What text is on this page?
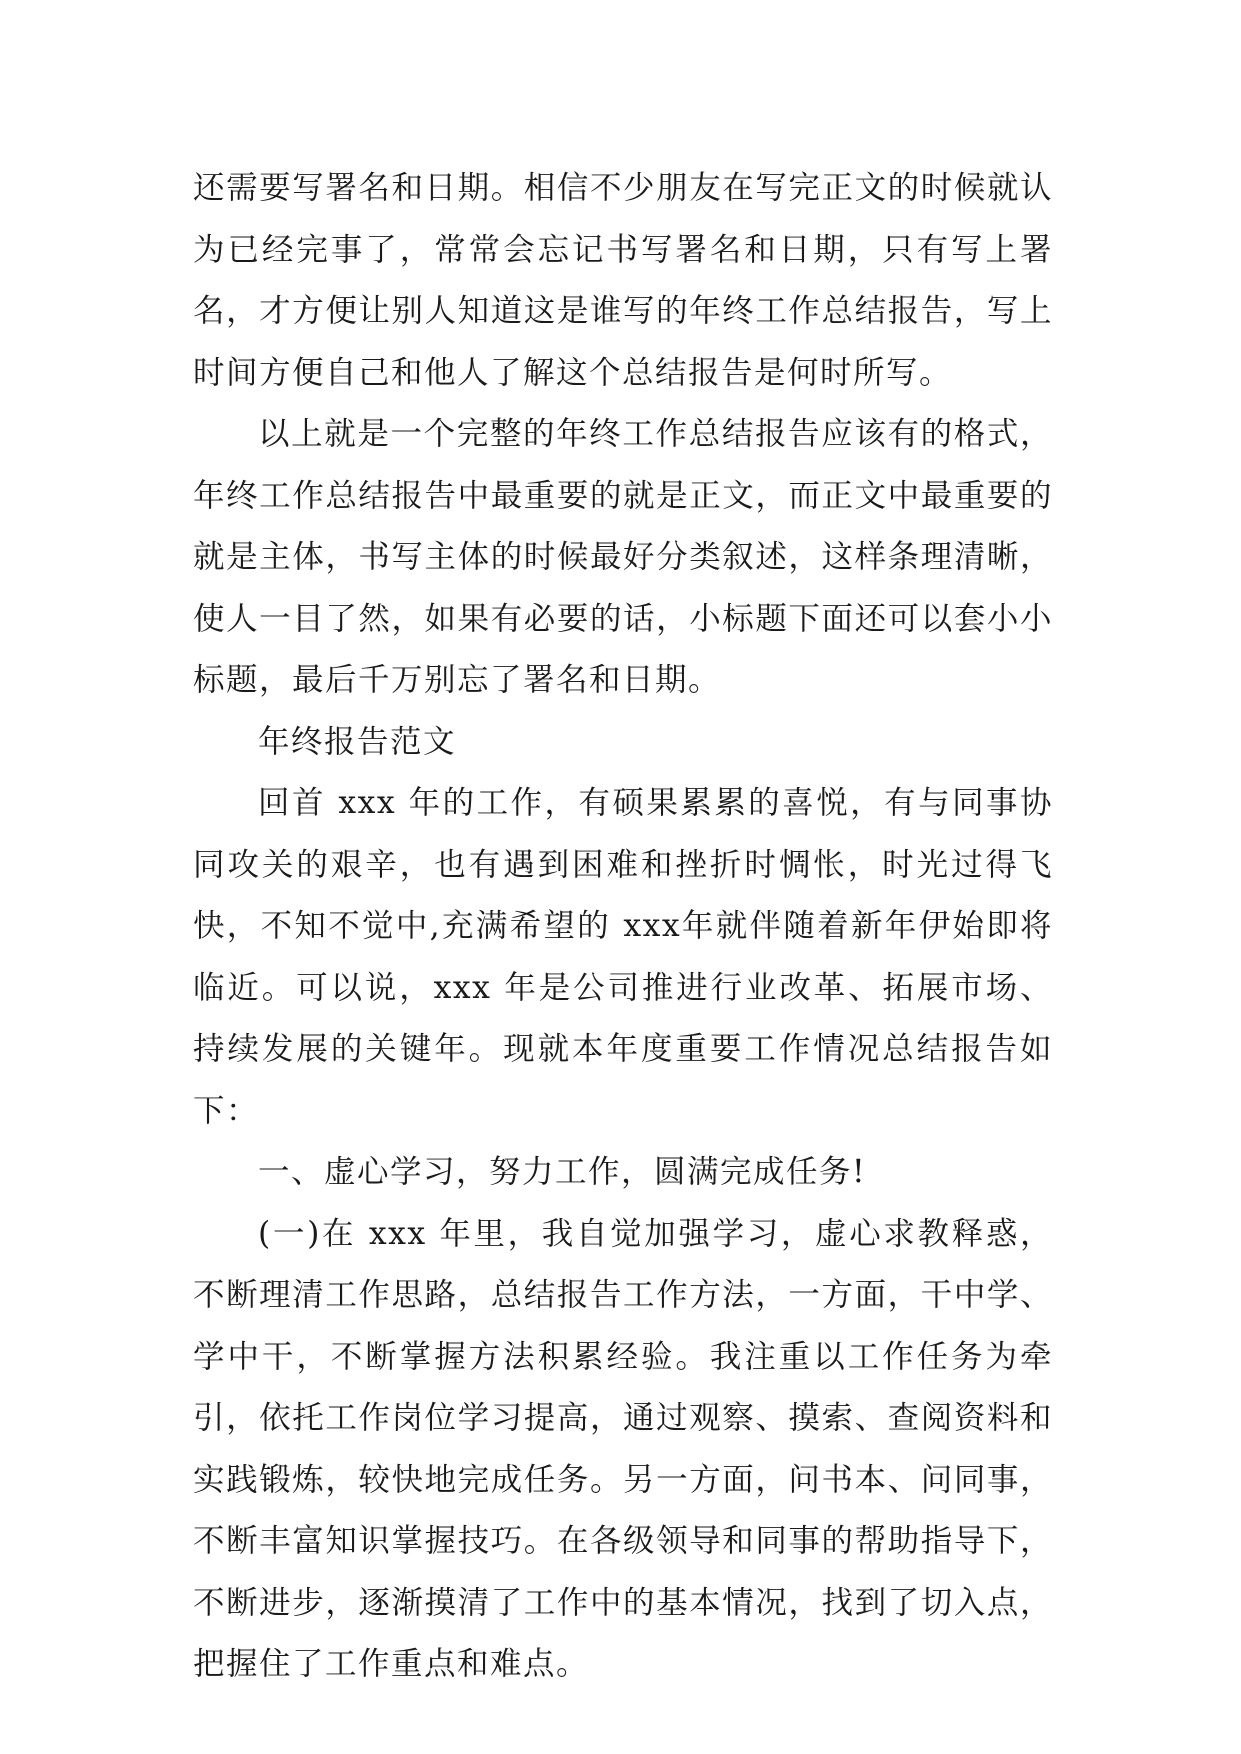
还需要写署名和日期。相信不少朋友在写完正文的时候就认为已经完事了，常常会忘记书写署名和日期，只有写上署名，才方便让别人知道这是谁写的年终工作总结报告，写上时间方便自己和他人了解这个总结报告是何时所写。

以上就是一个完整的年终工作总结报告应该有的格式，年终工作总结报告中最重要的就是正文，而正文中最重要的就是主体，书写主体的时候最好分类叙述，这样条理清晰，使人一目了然，如果有必要的话，小标题下面还可以套小小标题，最后千万别忘了署名和日期。

年终报告范文

回首 xxx 年的工作，有硕果累累的喜悦，有与同事协同攻关的艰辛，也有遇到困难和挫折时惆怅，时光过得飞快，不知不觉中,充满希望的 xxx年就伴随着新年伊始即将临近。可以说，xxx 年是公司推进行业改革、拓展市场、持续发展的关键年。现就本年度重要工作情况总结报告如下：

一、虚心学习，努力工作，圆满完成任务!

(一)在 xxx 年里，我自觉加强学习，虚心求教释惑，不断理清工作思路，总结报告工作方法，一方面，干中学、学中干，不断掌握方法积累经验。我注重以工作任务为牵引，依托工作岗位学习提高，通过观察、摸索、查阅资料和实践锻炼，较快地完成任务。另一方面，问书本、问同事，不断丰富知识掌握技巧。在各级领导和同事的帮助指导下，不断进步，逐渐摸清了工作中的基本情况，找到了切入点，把握住了工作重点和难点。
